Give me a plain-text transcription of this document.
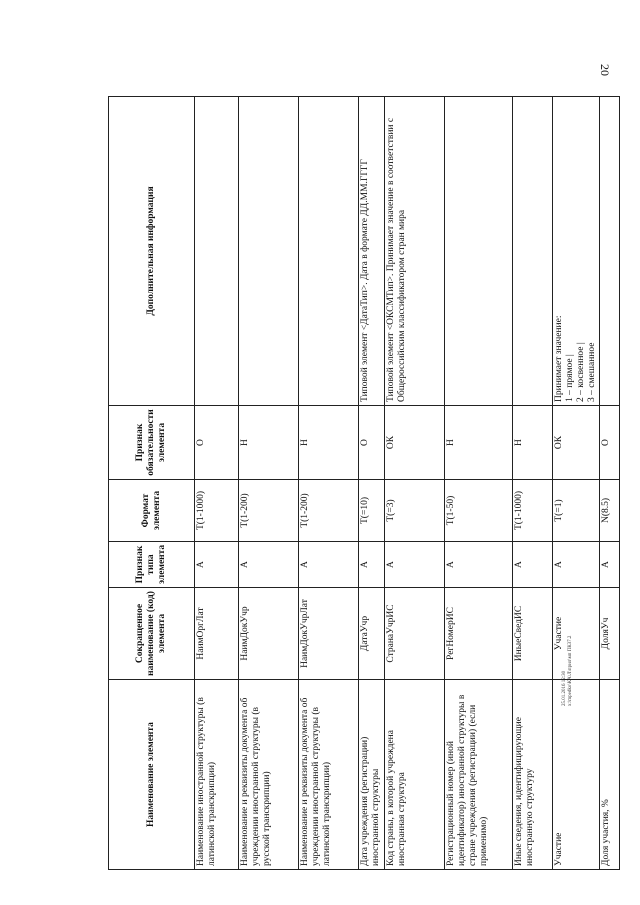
20
25.01.2016 12:30 x:\mpedko\КА\Л\прил\мп ПК37.2
Наименование элемента	Сокращенное наименование (код) элемента	Признак типа элемента	Формат элемента	Признак обязательности элемента	Дополнительная информация
Наименование иностранной структуры (в латинской транскрипции)	НаимОргЛат	А	T(1-1000)	О	
Наименование и реквизиты документа об учреждении иностранной структуры (в русской транскрипции)	НаимДокУчр	А	T(1-200)	Н	
Наименование и реквизиты документа об учреждении иностранной структуры (в латинской транскрипции)	НаимДокУчрЛат	А	T(1-200)	Н	
Дата учреждения (регистрации) иностранной структуры	ДатаУчр	А	T(=10)	О	Типовой элемент <ДатаТип>. Дата в формате ДД.ММ.ГГГГ
Код страны, в которой учреждена иностранная структура	СтранаУчрИС	А	T(=3)	ОК	Типовой элемент <ОКСМТип>. Принимает значение в соответствии с Общероссийским классификатором стран мира
Регистрационный номер (иной идентификатор) иностранной структуры в стране учреждения (регистрации) (если применимо)	РегНомерИС	А	T(1-50)	Н	
Иные сведения, идентифицирующие иностранную структуру	ИныеСведИС	А	T(1-1000)	Н	
Участие	Участие	А	T(=1)	ОК	Принимает значение:
1 – прямое |
2 – косвенное |
3 – смешанное
Доля участия, %	ДоляУч	А	N(8.5)	О	
